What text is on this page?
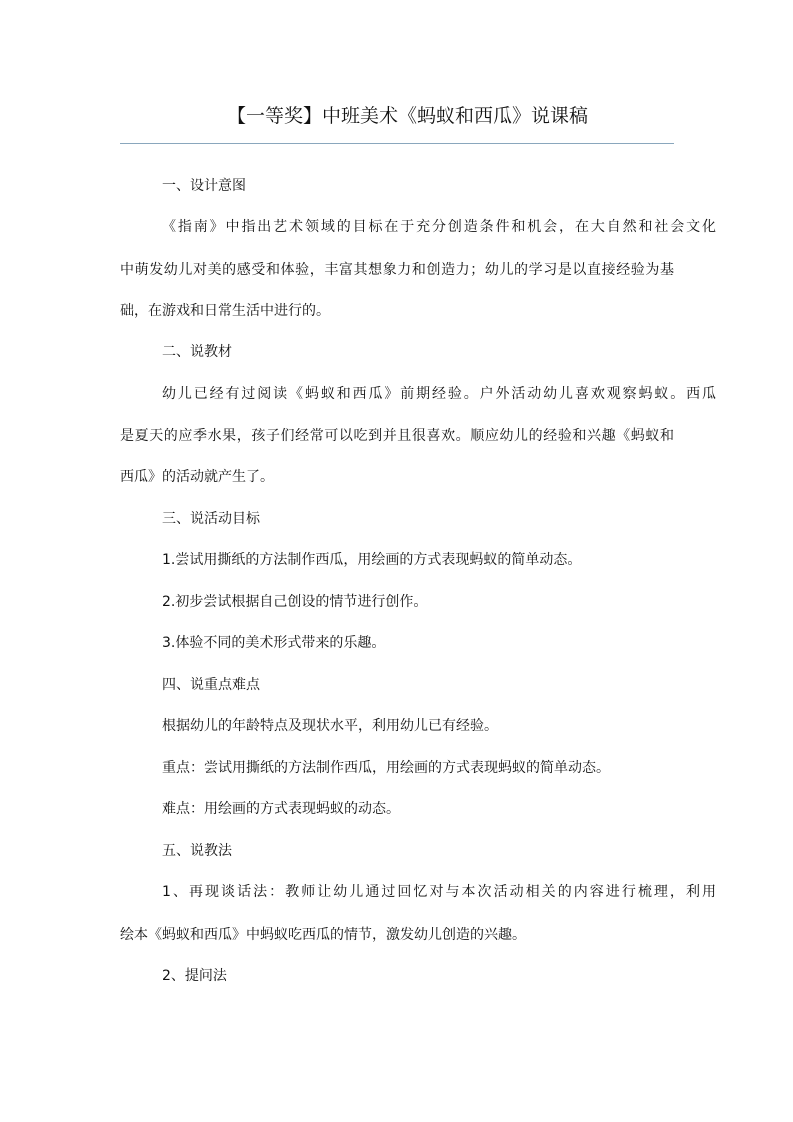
【一等奖】中班美术《蚂蚁和西瓜》说课稿
一、设计意图
《指南》中指出艺术领域的目标在于充分创造条件和机会，在大自然和社会文化
中萌发幼儿对美的感受和体验，丰富其想象力和创造力；幼儿的学习是以直接经验为基
础，在游戏和日常生活中进行的。
二、说教材
幼儿已经有过阅读《蚂蚁和西瓜》前期经验。户外活动幼儿喜欢观察蚂蚁。西瓜
是夏天的应季水果，孩子们经常可以吃到并且很喜欢。顺应幼儿的经验和兴趣《蚂蚁和
西瓜》的活动就产生了。
三、说活动目标
1.尝试用撕纸的方法制作西瓜，用绘画的方式表现蚂蚁的简单动态。
2.初步尝试根据自己创设的情节进行创作。
3.体验不同的美术形式带来的乐趣。
四、说重点难点
根据幼儿的年龄特点及现状水平，利用幼儿已有经验。
重点：尝试用撕纸的方法制作西瓜，用绘画的方式表现蚂蚁的简单动态。
难点：用绘画的方式表现蚂蚁的动态。
五、说教法
1、再现谈话法：教师让幼儿通过回忆对与本次活动相关的内容进行梳理，利用
绘本《蚂蚁和西瓜》中蚂蚁吃西瓜的情节，激发幼儿创造的兴趣。
2、提问法
